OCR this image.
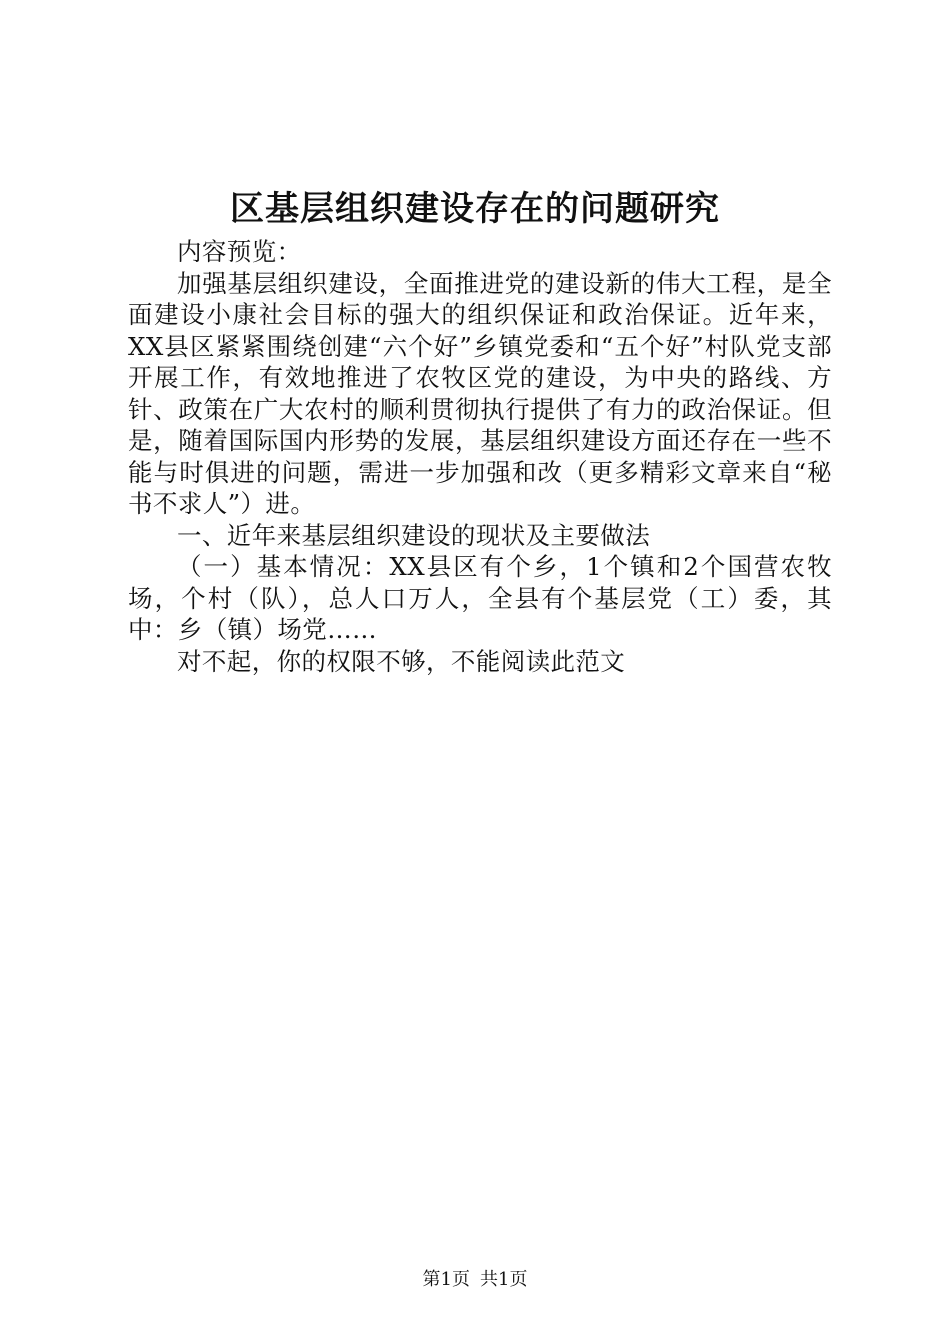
区基层组织建设存在的问题研究

内容预览：

加强基层组织建设，全面推进党的建设新的伟大工程，是全面建设小康社会目标的强大的组织保证和政治保证。近年来，XX县区紧紧围绕创建“六个好”乡镇党委和“五个好”村队党支部开展工作，有效地推进了农牧区党的建设，为中央的路线、方针、政策在广大农村的顺利贯彻执行提供了有力的政治保证。但是，随着国际国内形势的发展，基层组织建设方面还存在一些不能与时俱进的问题，需进一步加强和改（更多精彩文章来自“秘书不求人”）进。

一、近年来基层组织建设的现状及主要做法

（一）基本情况：XX县区有个乡，1个镇和2个国营农牧场，个村（队），总人口万人，全县有个基层党（工）委，其中：乡（镇）场党……

对不起，你的权限不够，不能阅读此范文

第1页 共1页
